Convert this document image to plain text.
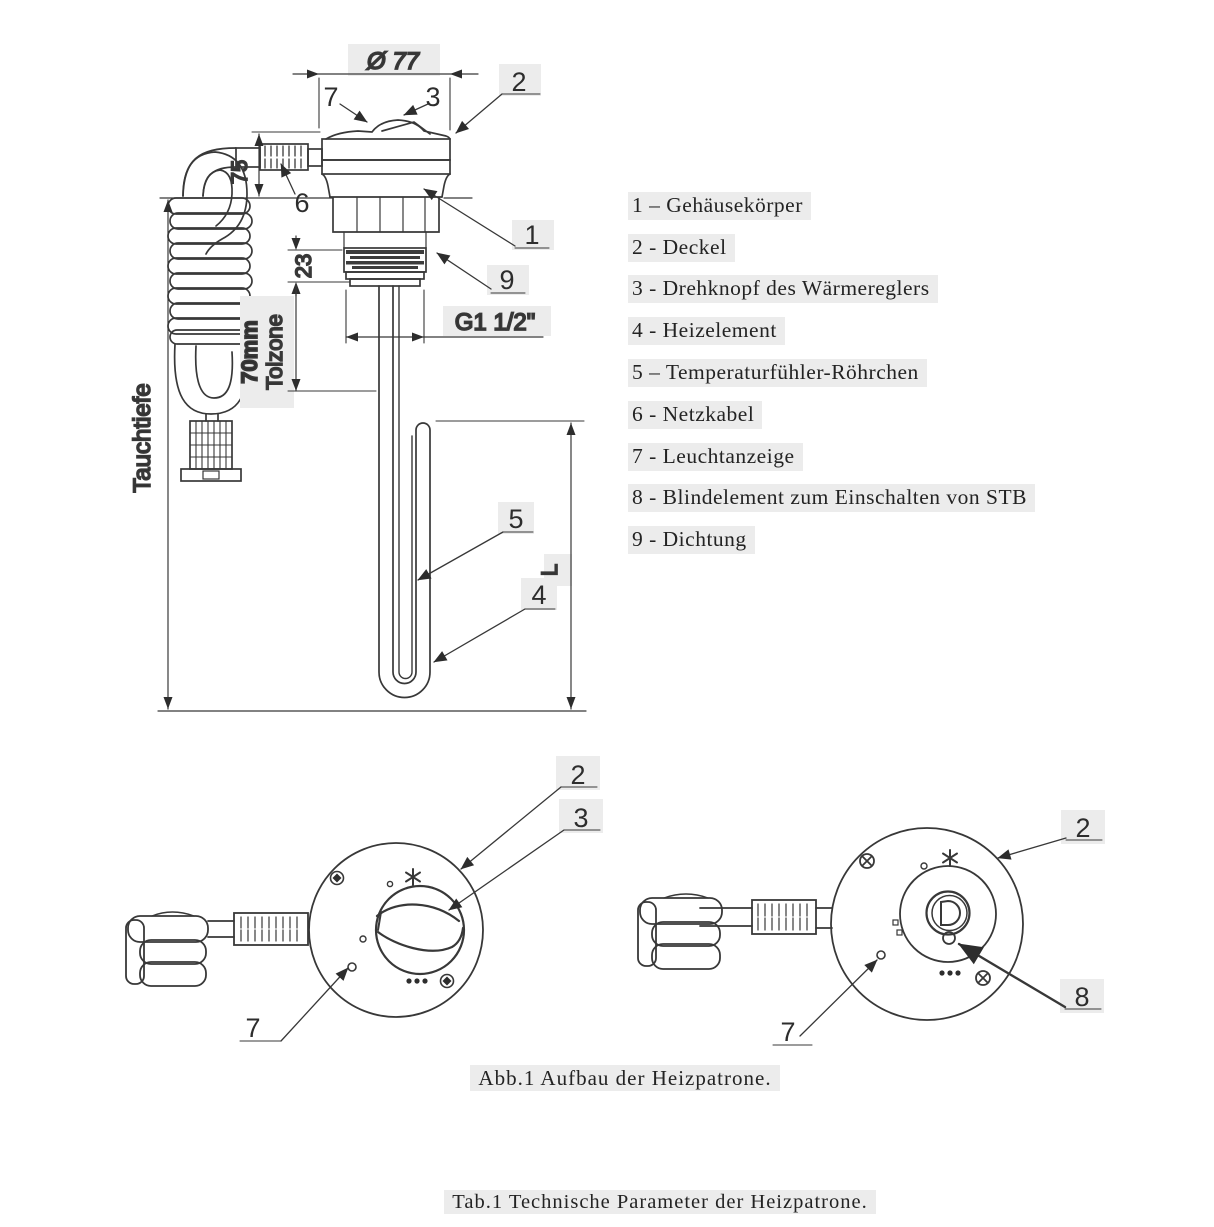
Ø 77
75
Tauchtiefe
23
70mm Tolzone	G1 1/2"
L
7	3	2
6
1
9
5
4
2
3
7
2
8
7
1 – Gehäusekörper
2 - Deckel
3 - Drehknopf des Wärmereglers
4 - Heizelement
5 – Temperaturfühler-Röhrchen
6 - Netzkabel
7 - Leuchtanzeige
8 - Blindelement zum Einschalten von STB
9 - Dichtung
Abb.1 Aufbau der Heizpatrone.
Tab.1 Technische Parameter der Heizpatrone.
